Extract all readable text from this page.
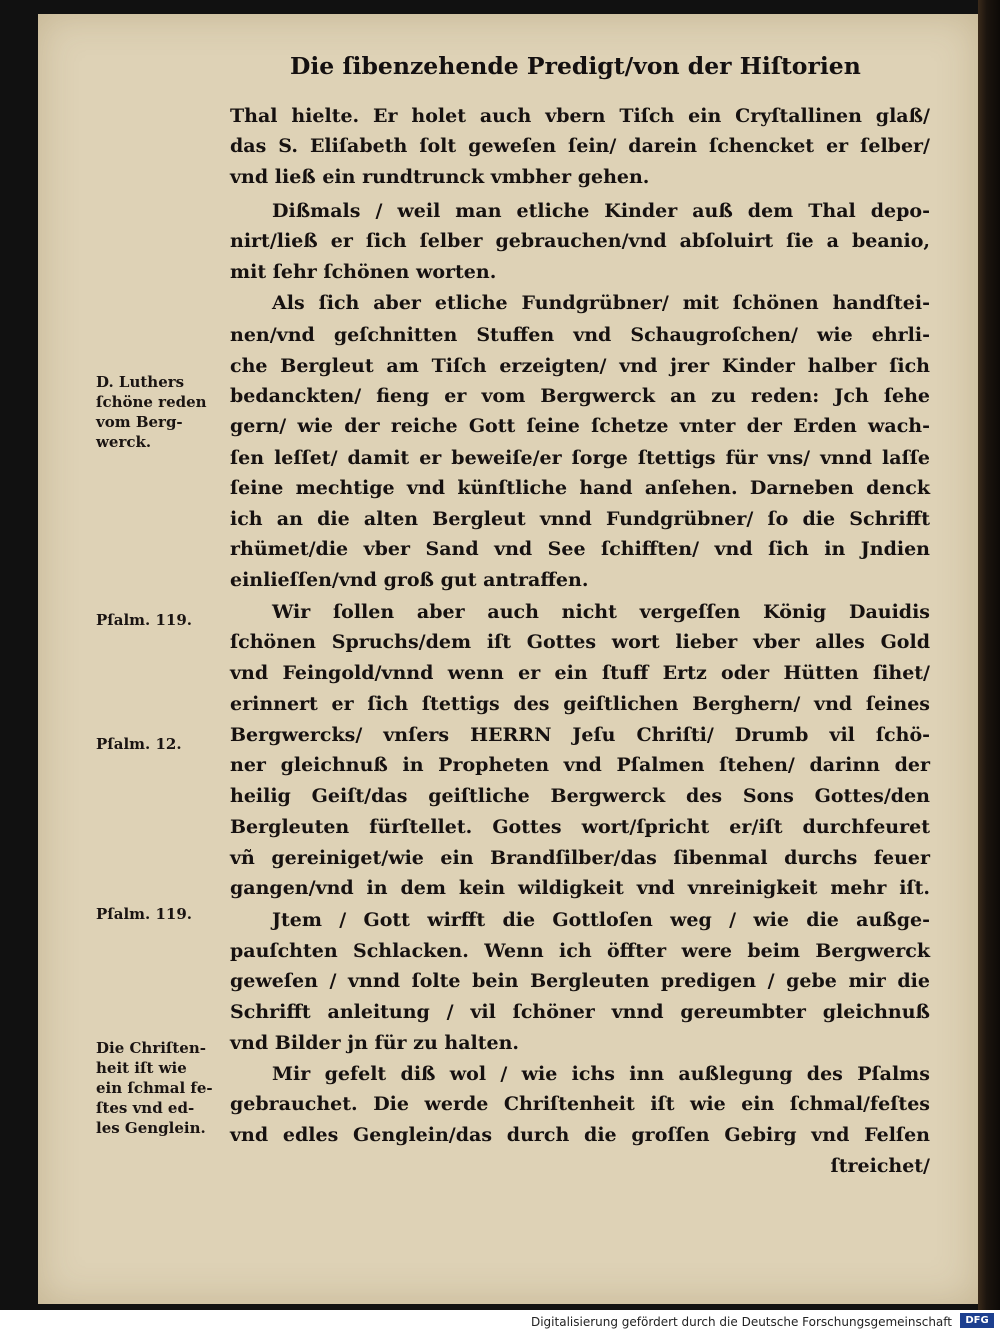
Die ſibenzehende Predigt/von der Hiſtorien
Thal hielte. Er holet auch vbern Tiſch ein Cryſtallinen glaß/
das S. Eliſabeth ſolt geweſen ſein/ darein ſchencket er ſelber/
vnd ließ ein rundtrunck vmbher gehen.
Dißmals / weil man etliche Kinder auß dem Thal depo-
nirt/ließ er ſich ſelber gebrauchen/vnd abſoluirt ſie a beanio,
mit ſehr ſchönen worten.
Als ſich aber etliche Fundgrübner/ mit ſchönen handſtei-
nen/vnd geſchnitten Stuffen vnd Schaugroſchen/ wie ehrli-
che Bergleut am Tiſch erzeigten/ vnd jrer Kinder halber ſich
bedanckten/ fieng er vom Bergwerck an zu reden: Jch ſehe
gern/ wie der reiche Gott ſeine ſchetze vnter der Erden wach-
ſen leſſet/ damit er beweiſe/er ſorge ſtettigs für vns/ vnnd laſſe
ſeine mechtige vnd künſtliche hand anſehen. Darneben denck
ich an die alten Bergleut vnnd Fundgrübner/ ſo die Schrifft
rhümet/die vber Sand vnd See ſchifften/ vnd ſich in Jndien
einlieſſen/vnd groß gut antraffen.
Wir ſollen aber auch nicht vergeſſen König Dauidis
ſchönen Spruchs/dem iſt Gottes wort lieber vber alles Gold
vnd Feingold/vnnd wenn er ein ſtuff Ertz oder Hütten ſihet/
erinnert er ſich ſtettigs des geiſtlichen Berghern/ vnd ſeines
Bergwercks/ vnſers HERRN Jeſu Chriſti/ Drumb vil ſchö-
ner gleichnuß in Propheten vnd Pſalmen ſtehen/ darinn der
heilig Geiſt/das geiſtliche Bergwerck des Sons Gottes/den
Bergleuten fürſtellet. Gottes wort/ſpricht er/iſt durchfeuret
vñ gereiniget/wie ein Brandſilber/das ſibenmal durchs feuer
gangen/vnd in dem kein wildigkeit vnd vnreinigkeit mehr iſt.
Jtem / Gott wirfft die Gottloſen weg / wie die außge-
pauſchten Schlacken. Wenn ich öffter were beim Bergwerck
geweſen / vnnd ſolte bein Bergleuten predigen / gebe mir die
Schrifft anleitung / vil ſchöner vnnd gereumbter gleichnuß
vnd Bilder jn für zu halten.
Mir gefelt diß wol / wie ichs inn außlegung des Pſalms
gebrauchet. Die werde Chriſtenheit iſt wie ein ſchmal/feſtes
vnd edles Genglein/das durch die groſſen Gebirg vnd Felſen
ſtreichet/
D. Luthers
ſchöne reden
vom Berg-
werck.
Pſalm. 119.
Pſalm. 12.
Pſalm. 119.
Die Chriſten-
heit iſt wie
ein ſchmal fe-
ſtes vnd ed-
les Genglein.
Digitalisierung gefördert durch die Deutsche Forschungsgemeinschaft	DFG
